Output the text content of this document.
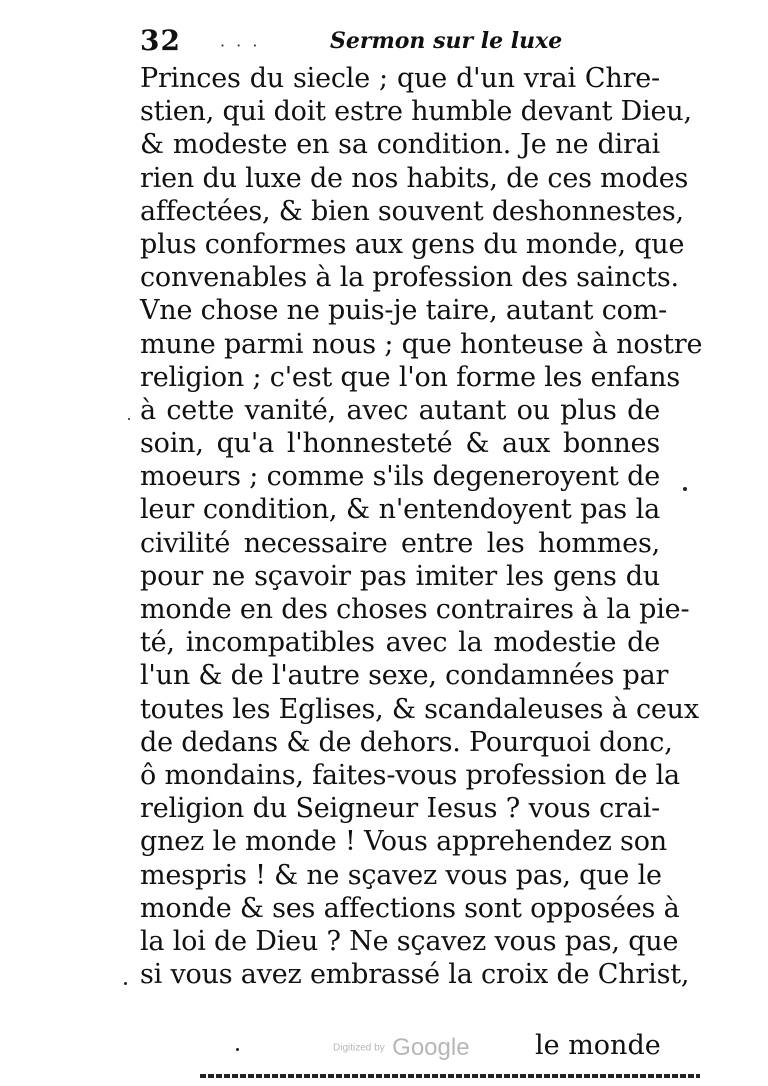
32 · · ·	Sermon sur le luxe
Princes du siecle ; que d'un vrai Chre-
stien, qui doit estre humble devant Dieu,
& modeste en sa condition. Je ne dirai
rien du luxe de nos habits, de ces modes
affectées, & bien souvent deshonnestes,
plus conformes aux gens du monde, que
convenables à la profession des saincts.
Vne chose ne puis-je taire, autant com-
mune parmi nous ; que honteuse à nostre
religion ; c'est que l'on forme les enfans
à cette vanité, avec autant ou plus de
soin, qu'a l'honnesteté & aux bonnes
moeurs ; comme s'ils degeneroyent de
leur condition, & n'entendoyent pas la
civilité necessaire entre les hommes,
pour ne sçavoir pas imiter les gens du
monde en des choses contraires à la pie-
té, incompatibles avec la modestie de
l'un & de l'autre sexe, condamnées par
toutes les Eglises, & scandaleuses à ceux
de dedans & de dehors. Pourquoi donc,
ô mondains, faites-vous profession de la
religion du Seigneur Iesus ? vous crai-
gnez le monde ! Vous apprehendez son
mespris ! & ne sçavez vous pas, que le
monde & ses affections sont opposées à
la loi de Dieu ? Ne sçavez vous pas, que
si vous avez embrassé la croix de Christ,
Digitized by Google le monde
